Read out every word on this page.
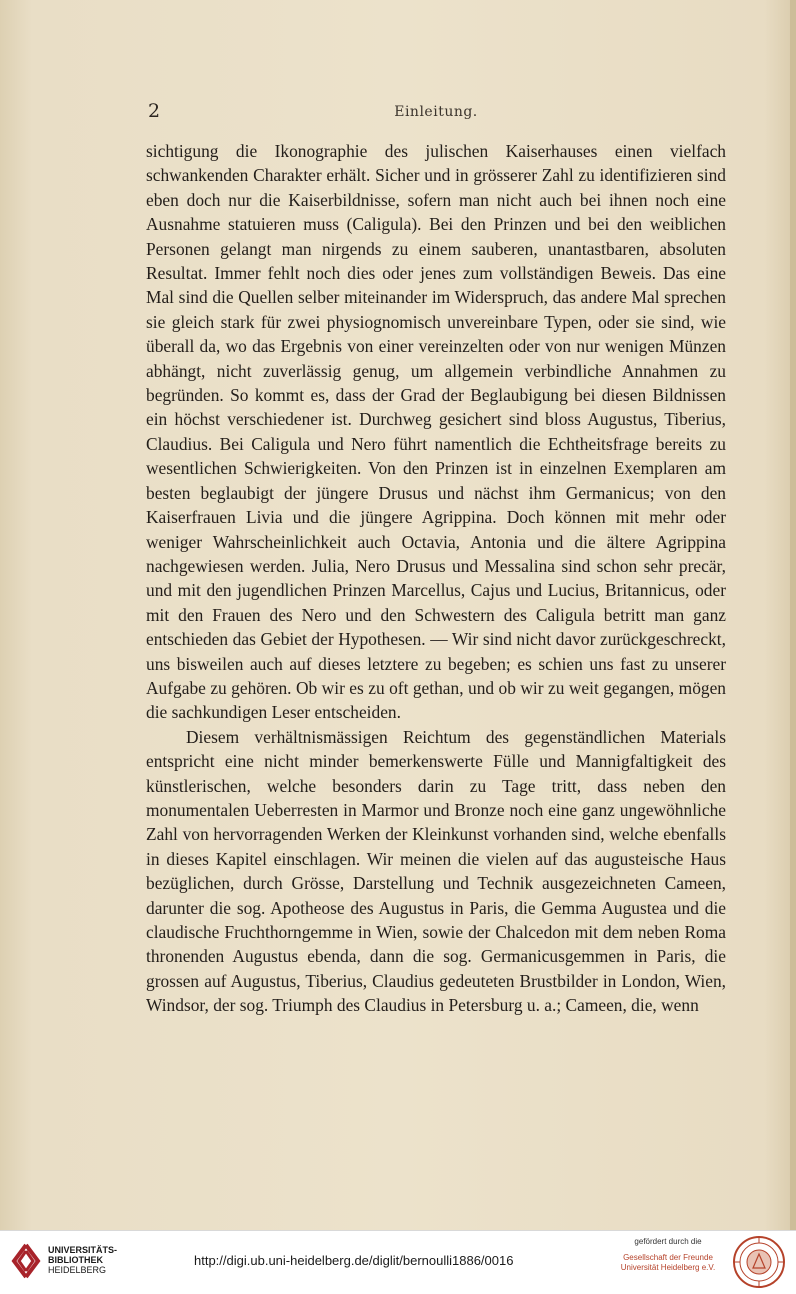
2	Einleitung.

sichtigung die Ikonographie des julischen Kaiserhauses einen vielfach schwankenden Charakter erhält. Sicher und in grösserer Zahl zu identifizieren sind eben doch nur die Kaiserbildnisse, sofern man nicht auch bei ihnen noch eine Ausnahme statuieren muss (Caligula). Bei den Prinzen und bei den weiblichen Personen gelangt man nirgends zu einem sauberen, unantastbaren, absoluten Resultat. Immer fehlt noch dies oder jenes zum vollständigen Beweis. Das eine Mal sind die Quellen selber miteinander im Widerspruch, das andere Mal sprechen sie gleich stark für zwei physiognomisch unvereinbare Typen, oder sie sind, wie überall da, wo das Ergebnis von einer vereinzelten oder von nur wenigen Münzen abhängt, nicht zuverlässig genug, um allgemein verbindliche Annahmen zu begründen. So kommt es, dass der Grad der Beglaubigung bei diesen Bildnissen ein höchst verschiedener ist. Durchweg gesichert sind bloss Augustus, Tiberius, Claudius. Bei Caligula und Nero führt namentlich die Echtheitsfrage bereits zu wesentlichen Schwierigkeiten. Von den Prinzen ist in einzelnen Exemplaren am besten beglaubigt der jüngere Drusus und nächst ihm Germanicus; von den Kaiserfrauen Livia und die jüngere Agrippina. Doch können mit mehr oder weniger Wahrscheinlichkeit auch Octavia, Antonia und die ältere Agrippina nachgewiesen werden. Julia, Nero Drusus und Messalina sind schon sehr precär, und mit den jugendlichen Prinzen Marcellus, Cajus und Lucius, Britannicus, oder mit den Frauen des Nero und den Schwestern des Caligula betritt man ganz entschieden das Gebiet der Hypothesen. — Wir sind nicht davor zurückgeschreckt, uns bisweilen auch auf dieses letztere zu begeben; es schien uns fast zu unserer Aufgabe zu gehören. Ob wir es zu oft gethan, und ob wir zu weit gegangen, mögen die sachkundigen Leser entscheiden.

Diesem verhältnismässigen Reichtum des gegenständlichen Materials entspricht eine nicht minder bemerkenswerte Fülle und Mannigfaltigkeit des künstlerischen, welche besonders darin zu Tage tritt, dass neben den monumentalen Ueberresten in Marmor und Bronze noch eine ganz ungewöhnliche Zahl von hervorragenden Werken der Kleinkunst vorhanden sind, welche ebenfalls in dieses Kapitel einschlagen. Wir meinen die vielen auf das augusteische Haus bezüglichen, durch Grösse, Darstellung und Technik ausgezeichneten Cameen, darunter die sog. Apotheose des Augustus in Paris, die Gemma Augustea und die claudische Fruchthorngemme in Wien, sowie der Chalcedon mit dem neben Roma thronenden Augustus ebenda, dann die sog. Germanicusgemmen in Paris, die grossen auf Augustus, Tiberius, Claudius gedeuteten Brustbilder in London, Wien, Windsor, der sog. Triumph des Claudius in Petersburg u. a.; Cameen, die, wenn

UNIVERSITÄTS-
BIBLIOTHEK
HEIDELBERG
http://digi.ub.uni-heidelberg.de/diglit/bernoulli1886/0016
gefördert durch die
Gesellschaft der Freunde
Universität Heidelberg e.V.
